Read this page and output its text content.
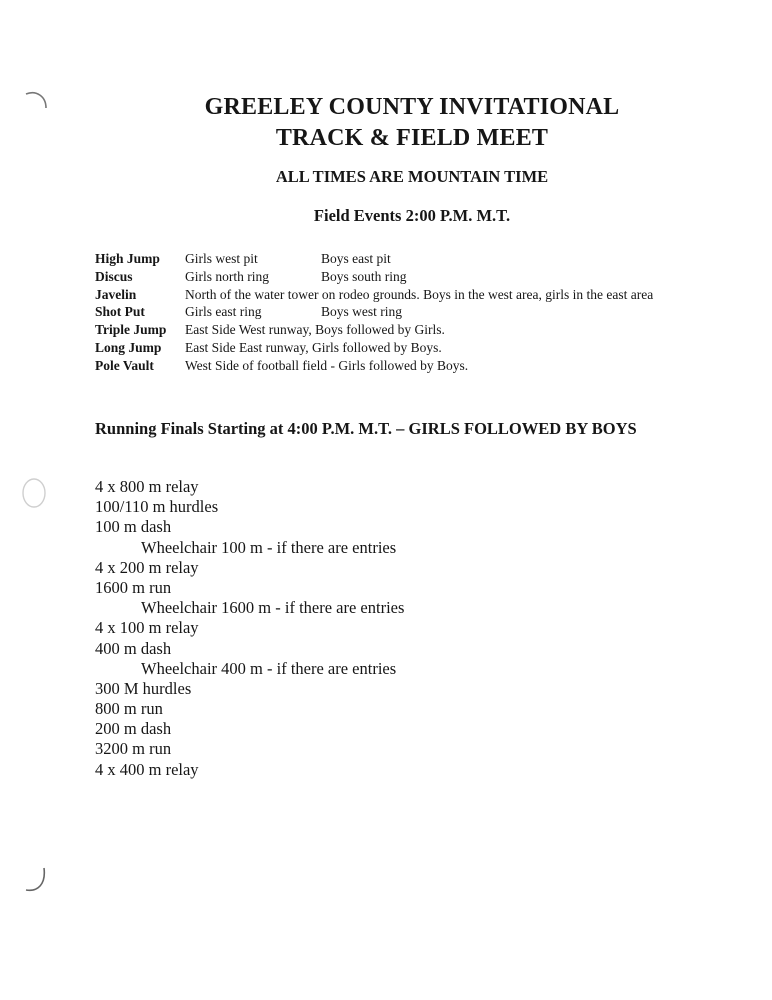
GREELEY COUNTY INVITATIONAL
TRACK & FIELD MEET
ALL TIMES ARE MOUNTAIN TIME
Field Events 2:00 P.M. M.T.
High Jump	Girls west pit	Boys east pit
Discus	Girls north ring	Boys south ring
Javelin	North of the water tower on rodeo grounds. Boys in the west area, girls in the east area
Shot Put	Girls east ring	Boys west ring
Triple Jump	East Side West runway, Boys followed by Girls.
Long Jump	East Side East runway, Girls followed by Boys.
Pole Vault	West Side of football field - Girls followed by Boys.
Running Finals Starting at 4:00 P.M. M.T. – GIRLS FOLLOWED BY BOYS
4 x 800 m relay
100/110 m hurdles
100 m dash
Wheelchair 100 m - if there are entries
4 x 200 m relay
1600 m run
Wheelchair 1600 m - if there are entries
4 x 100 m relay
400 m dash
Wheelchair 400 m - if there are entries
300 M hurdles
800 m run
200 m dash
3200 m run
4 x 400 m relay
